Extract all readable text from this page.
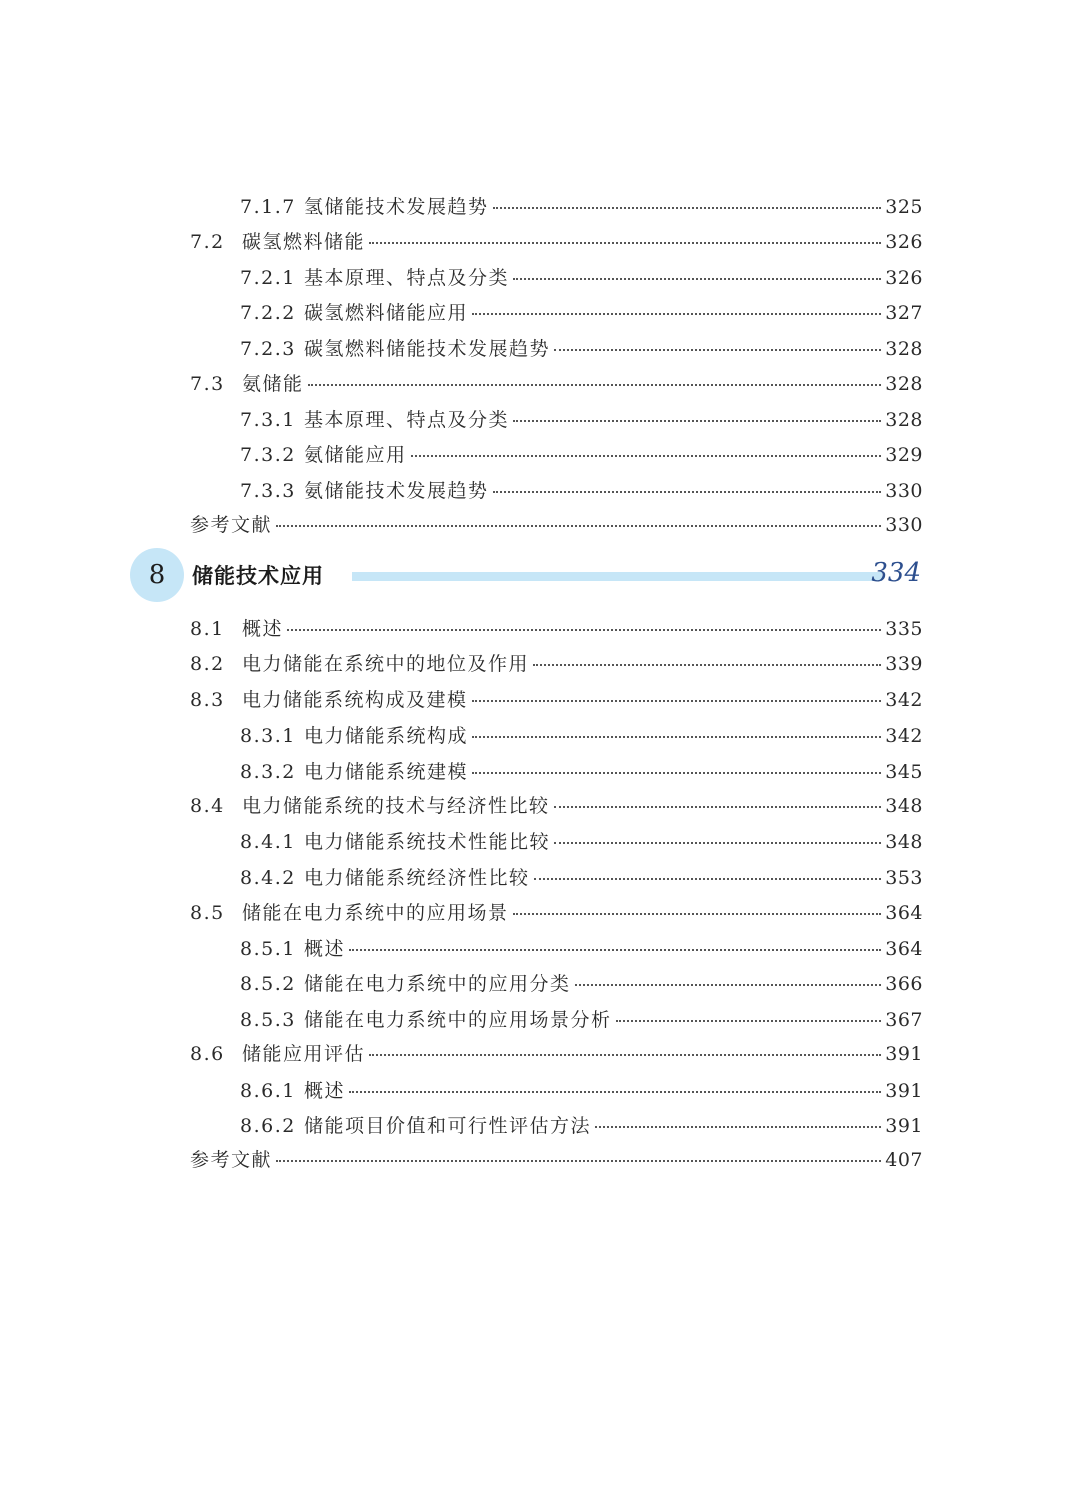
7.1.7 氢储能技术发展趋势	325
7.2 碳氢燃料储能	326
7.2.1 基本原理、特点及分类	326
7.2.2 碳氢燃料储能应用	327
7.2.3 碳氢燃料储能技术发展趋势	328
7.3 氨储能	328
7.3.1 基本原理、特点及分类	328
7.3.2 氨储能应用	329
7.3.3 氨储能技术发展趋势	330
参考文献	330
8	储能技术应用	334
8.1 概述	335
8.2 电力储能在系统中的地位及作用	339
8.3 电力储能系统构成及建模	342
8.3.1 电力储能系统构成	342
8.3.2 电力储能系统建模	345
8.4 电力储能系统的技术与经济性比较	348
8.4.1 电力储能系统技术性能比较	348
8.4.2 电力储能系统经济性比较	353
8.5 储能在电力系统中的应用场景	364
8.5.1 概述	364
8.5.2 储能在电力系统中的应用分类	366
8.5.3 储能在电力系统中的应用场景分析	367
8.6 储能应用评估	391
8.6.1 概述	391
8.6.2 储能项目价值和可行性评估方法	391
参考文献	407
